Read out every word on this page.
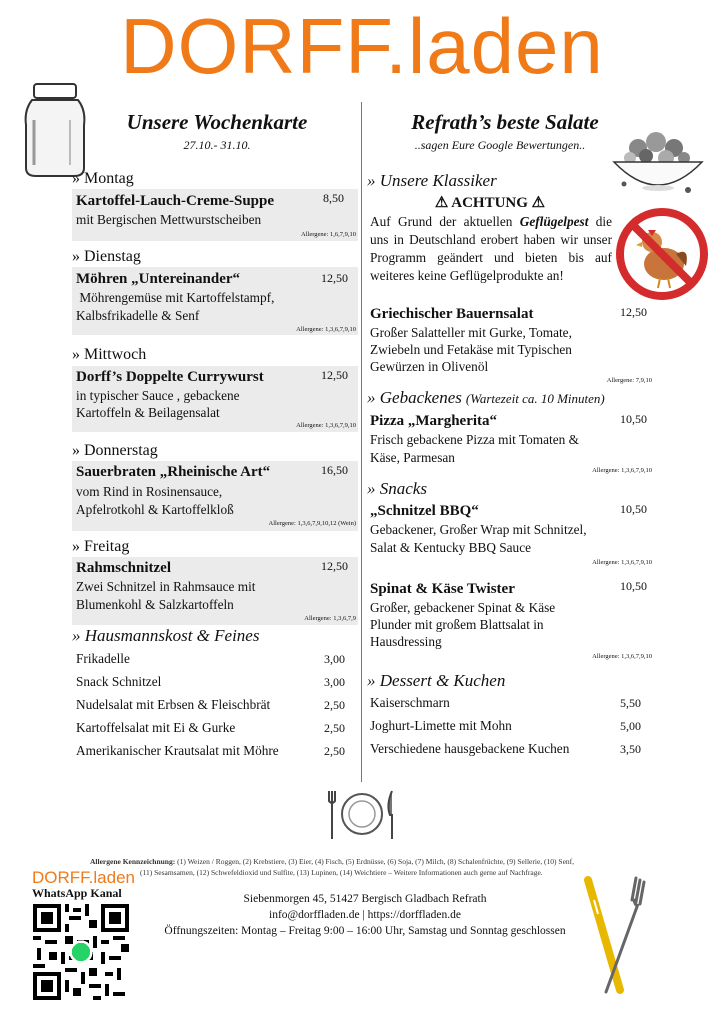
DORFF.laden
Unsere Wochenkarte
27.10.- 31.10.
» Montag
Kartoffel-Lauch-Creme-Suppe
mit Bergischen Mettwurstscheiben
8,50
Allergene: 1,6,7,9,10
» Dienstag
Möhren „Untereinander“
Möhrengemüse mit Kartoffelstampf,
Kalbsfrikadelle & Senf
12,50
Allergene: 1,3,6,7,9,10
» Mittwoch
Dorff’s Doppelte Currywurst
in typischer Sauce , gebackene
Kartoffeln & Beilagensalat
12,50
Allergene: 1,3,6,7,9,10
» Donnerstag
Sauerbraten „Rheinische Art“
vom Rind in Rosinensauce,
Apfelrotkohl & Kartoffelkloß
16,50
Allergene: 1,3,6,7,9,10,12 (Wein)
» Freitag
Rahmschnitzel
Zwei Schnitzel in Rahmsauce mit
Blumenkohl & Salzkartoffeln
12,50
Allergene: 1,3,6,7,9
» Hausmannskost & Feines
Frikadelle	3,00
Snack Schnitzel	3,00
Nudelsalat mit Erbsen & Fleischbrät	2,50
Kartoffelsalat mit Ei & Gurke	2,50
Amerikanischer Krautsalat mit Möhre	2,50
Refrath’s beste Salate
..sagen Eure Google Bewertungen..
» Unsere Klassiker
⚠ ACHTUNG ⚠
Auf Grund der aktuellen Geflügelpest die uns in Deutschland erobert haben wir unser Programm geändert und bieten bis auf weiteres keine Geflügelprodukte an!
Griechischer Bauernsalat
Großer Salatteller mit Gurke, Tomate,
Zwiebeln und Fetakäse mit Typischen
Gewürzen in Olivenöl
12,50
Allergene: 7,9,10
» Gebackenes (Wartezeit ca. 10 Minuten)
Pizza „Margherita“
Frisch gebackene Pizza mit Tomaten &
Käse, Parmesan
10,50
Allergene: 1,3,6,7,9,10
» Snacks
„Schnitzel BBQ“
Gebackener, Großer Wrap mit Schnitzel,
Salat & Kentucky BBQ Sauce
10,50
Allergene: 1,3,6,7,9,10
Spinat & Käse Twister
Großer, gebackener Spinat & Käse
Plunder mit großem Blattsalat in
Hausdressing
10,50
Allergene: 1,3,6,7,9,10
» Dessert & Kuchen
Kaiserschmarn	5,50
Joghurt-Limette mit Mohn	5,00
Verschiedene hausgebackene Kuchen	3,50
Allergene Kennzeichnung: (1) Weizen / Roggen, (2) Krebstiere, (3) Eier, (4) Fisch, (5) Erdnüsse, (6) Soja, (7) Milch, (8) Schalenfrüchte, (9) Sellerie, (10) Senf,
(11) Sesamsamen, (12) Schwefeldioxid und Sulfite, (13) Lupinen, (14) Weichtiere – Weitere Informationen auch gerne auf Nachfrage.
DORFF.laden
WhatsApp Kanal	Siebenmorgen 45, 51427 Bergisch Gladbach Refrath
info@dorffladen.de | https://dorffladen.de
Öffnungszeiten: Montag – Freitag 9:00 – 16:00 Uhr, Samstag und Sonntag geschlossen
